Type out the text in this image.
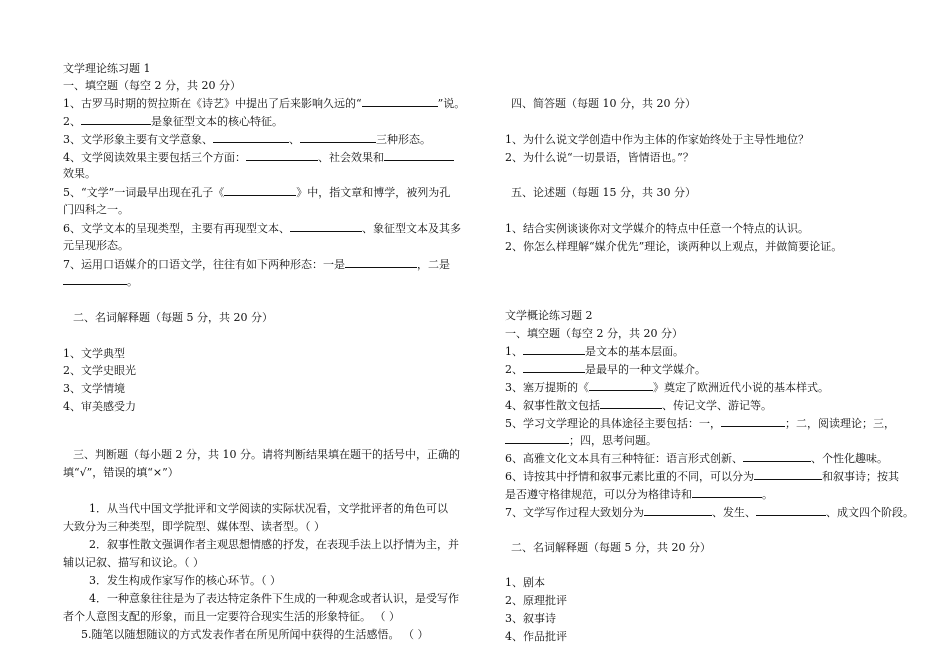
文学理论练习题 1
一、填空题（每空 2 分，共 20 分）
1、古罗马时期的贺拉斯在《诗艺》中提出了后来影响久远的“	”说。
2、	是象征型文本的核心特征。
3、文学形象主要有文学意象、	、	三种形态。
4、文学阅读效果主要包括三个方面：	、社会效果和
效果。
5、“文学”一词最早出现在孔子《	》中，指文章和博学，被列为孔
门四科之一。
6、文学文本的呈现类型，主要有再现型文本、	、象征型文本及其多
元呈现形态。
7、运用口语媒介的口语文学，往往有如下两种形态：一是	，二是
。
二、名词解释题（每题 5 分，共 20 分）
1、文学典型
2、文学史眼光
3、文学情境
4、审美感受力
三、判断题（每小题 2 分，共 10 分。请将判断结果填在题干的括号中，正确的
填“√”，错误的填“×”）
1．从当代中国文学批评和文学阅读的实际状况看，文学批评者的角色可以
大致分为三种类型，即学院型、媒体型、读者型。（ ）
2．叙事性散文强调作者主观思想情感的抒发，在表现手法上以抒情为主，并
辅以记叙、描写和议论。（ ）
3．发生构成作家写作的核心环节。（ ）
4．一种意象往往是为了表达特定条件下生成的一种观念或者认识，是受写作
者个人意图支配的形象，而且一定要符合现实生活的形象特征。 （ ）
5.随笔以随想随议的方式发表作者在所见所闻中获得的生活感悟。 （ ）
四、简答题（每题 10 分，共 20 分）
1、为什么说文学创造中作为主体的作家始终处于主导性地位？
2、为什么说“一切景语，皆情语也。”？
五、论述题（每题 15 分，共 30 分）
1、结合实例谈谈你对文学媒介的特点中任意一个特点的认识。
2、你怎么样理解“媒介优先”理论，谈两种以上观点，并做简要论证。
文学概论练习题 2
一、填空题（每空 2 分，共 20 分）
1、	是文本的基本层面。
2、	是最早的一种文学媒介。
3、塞万提斯的《	》奠定了欧洲近代小说的基本样式。
4、叙事性散文包括	、传记文学、游记等。
5、学习文学理论的具体途径主要包括：一，	；二，阅读理论；三，
；四，思考问题。
6、高雅文化文本具有三种特征：语言形式创新、	、个性化趣味。
6、诗按其中抒情和叙事元素比重的不同，可以分为	和叙事诗；按其
是否遵守格律规范，可以分为格律诗和	。
7、文学写作过程大致划分为	、发生、	、成文四个阶段。
二、名词解释题（每题 5 分，共 20 分）
1、剧本
2、原理批评
3、叙事诗
4、作品批评
